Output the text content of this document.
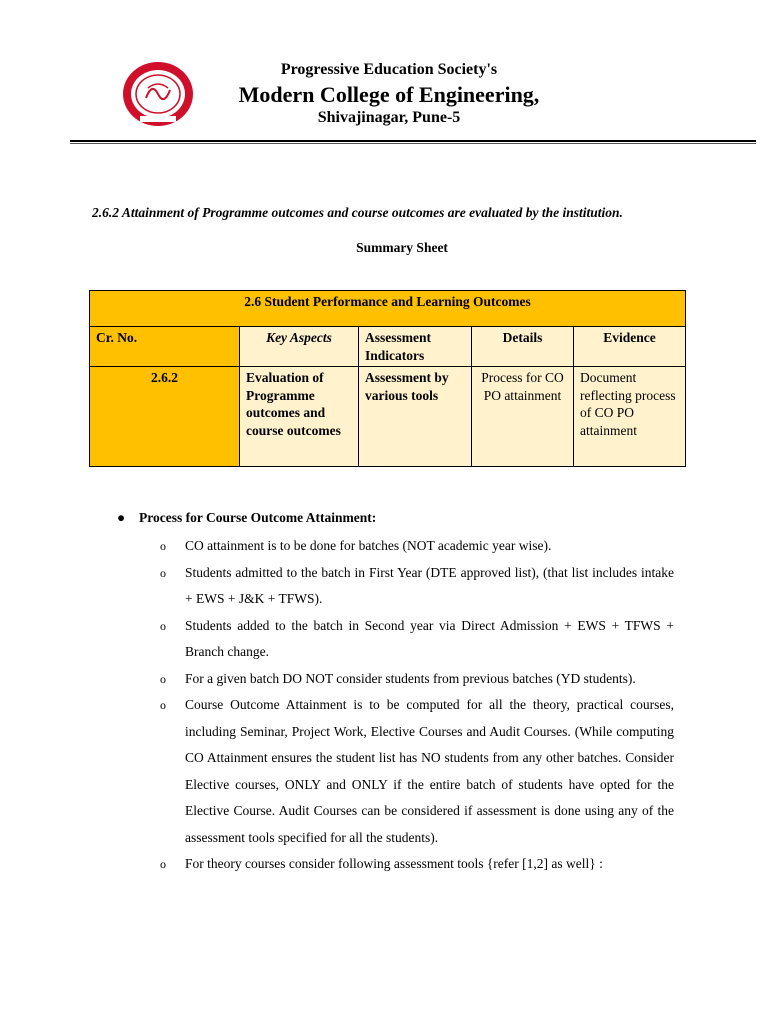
Progressive Education Society's
Modern College of Engineering,
Shivajinagar, Pune-5
2.6.2 Attainment of Programme outcomes and course outcomes are evaluated by the institution.
Summary Sheet
2.6 Student Performance and Learning Outcomes				
Cr. No.	Key Aspects	Assessment Indicators	Details	Evidence
2.6.2	Evaluation of Programme outcomes and course outcomes	Assessment by various tools	Process for CO PO attainment	Document reflecting process of CO PO attainment
● Process for Course Outcome Attainment:
o CO attainment is to be done for batches (NOT academic year wise).
o Students admitted to the batch in First Year (DTE approved list), (that list includes intake + EWS + J&K + TFWS).
o Students added to the batch in Second year via Direct Admission + EWS + TFWS + Branch change.
o For a given batch DO NOT consider students from previous batches (YD students).
o Course Outcome Attainment is to be computed for all the theory, practical courses, including Seminar, Project Work, Elective Courses and Audit Courses. (While computing CO Attainment ensures the student list has NO students from any other batches. Consider Elective courses, ONLY and ONLY if the entire batch of students have opted for the Elective Course. Audit Courses can be considered if assessment is done using any of the assessment tools specified for all the students).
o For theory courses consider following assessment tools {refer [1,2] as well} :
